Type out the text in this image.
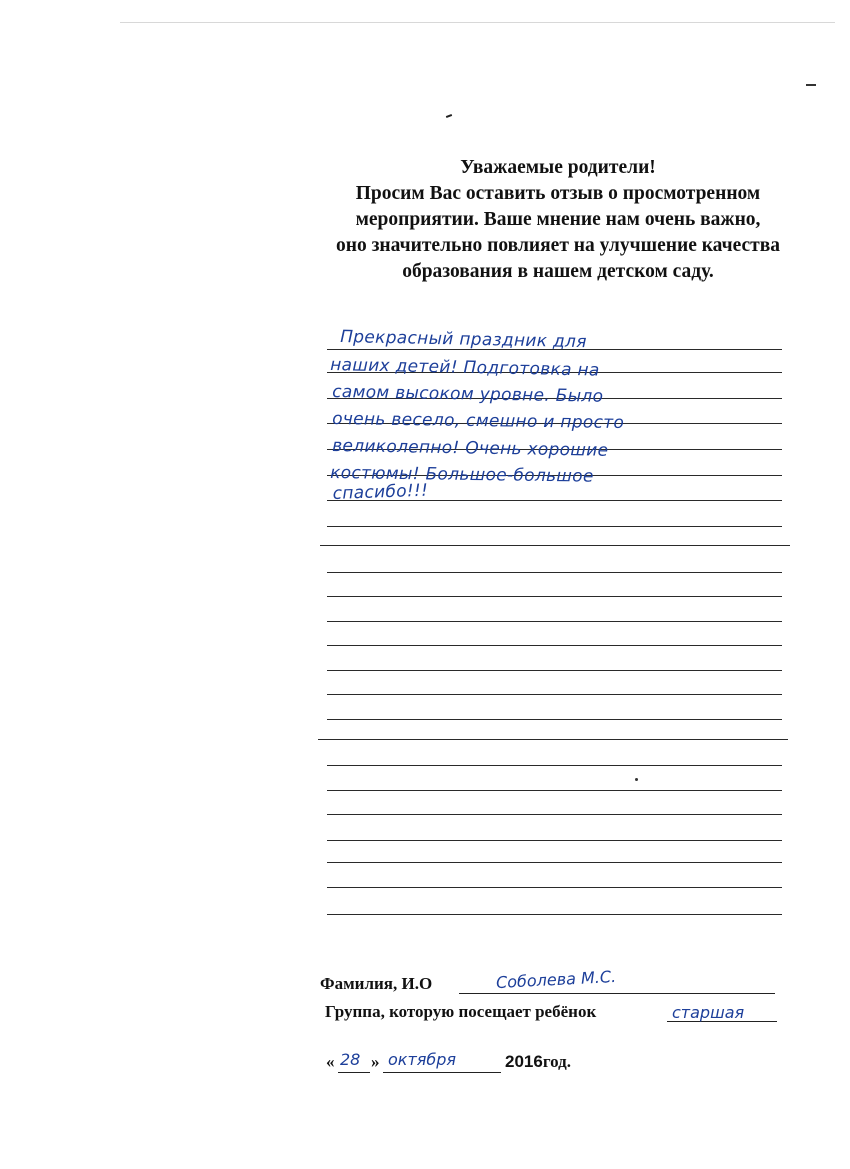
Уважаемые родители!
Просим Вас оставить отзыв о просмотренном
мероприятии. Ваше мнение нам очень важно,
оно значительно повлияет на улучшение качества
образования в нашем детском саду.
Прекрасный праздник для
наших детей! Подготовка на
самом высоком уровне. Было
очень весело, смешно и просто
великолепно! Очень хорошие
костюмы! Большое-большое
спасибо!!!
Фамилия, И.О	Соболева М.С.
Группа, которую посещает ребёнок	старшая
« 28 » октября	2016год.
